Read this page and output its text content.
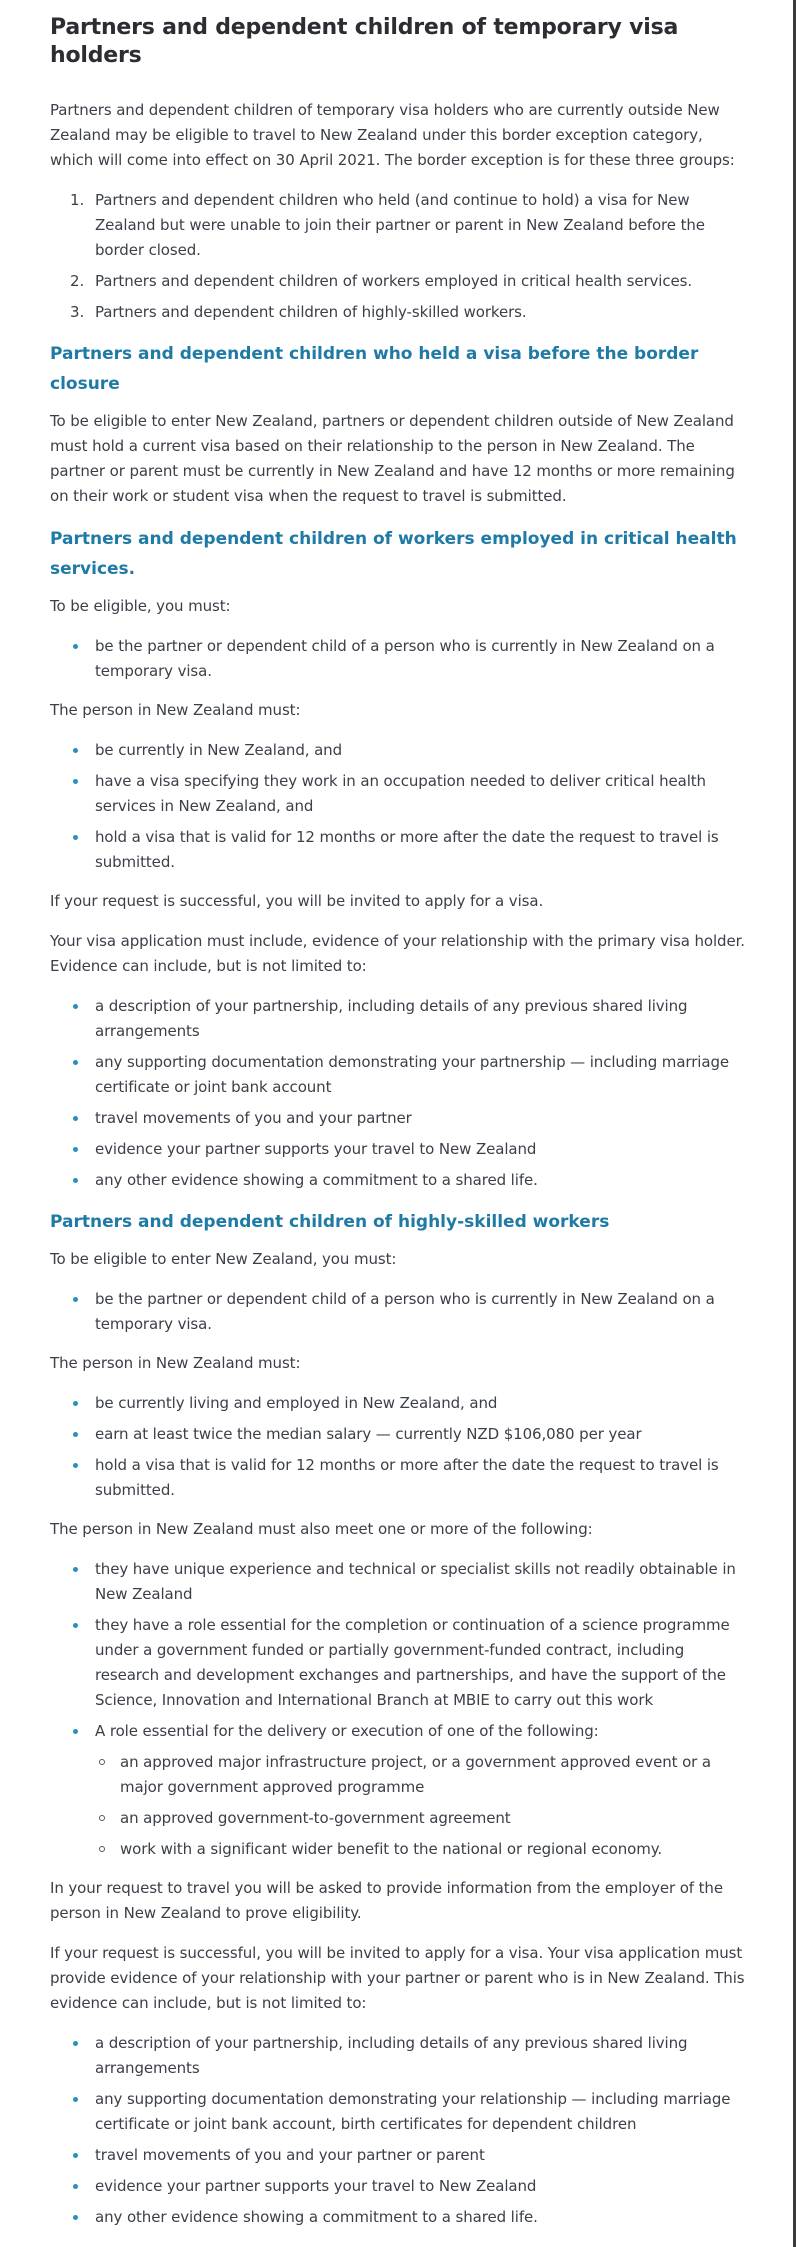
Partners and dependent children of temporary visa holders

Partners and dependent children of temporary visa holders who are currently outside New Zealand may be eligible to travel to New Zealand under this border exception category, which will come into effect on 30 April 2021. The border exception is for these three groups:

1. Partners and dependent children who held (and continue to hold) a visa for New Zealand but were unable to join their partner or parent in New Zealand before the border closed.
2. Partners and dependent children of workers employed in critical health services.
3. Partners and dependent children of highly-skilled workers.
Partners and dependent children who held a visa before the border closure

To be eligible to enter New Zealand, partners or dependent children outside of New Zealand must hold a current visa based on their relationship to the person in New Zealand. The partner or parent must be currently in New Zealand and have 12 months or more remaining on their work or student visa when the request to travel is submitted.

Partners and dependent children of workers employed in critical health services.

To be eligible, you must:

be the partner or dependent child of a person who is currently in New Zealand on a temporary visa.

The person in New Zealand must:

be currently in New Zealand, and
have a visa specifying they work in an occupation needed to deliver critical health services in New Zealand, and
hold a visa that is valid for 12 months or more after the date the request to travel is submitted.

If your request is successful, you will be invited to apply for a visa.

Your visa application must include, evidence of your relationship with the primary visa holder. Evidence can include, but is not limited to:

a description of your partnership, including details of any previous shared living arrangements
any supporting documentation demonstrating your partnership — including marriage certificate or joint bank account
travel movements of you and your partner
evidence your partner supports your travel to New Zealand
any other evidence showing a commitment to a shared life.
Partners and dependent children of highly-skilled workers

To be eligible to enter New Zealand, you must:

be the partner or dependent child of a person who is currently in New Zealand on a temporary visa.

The person in New Zealand must:

be currently living and employed in New Zealand, and
earn at least twice the median salary — currently NZD $106,080 per year
hold a visa that is valid for 12 months or more after the date the request to travel is submitted.

The person in New Zealand must also meet one or more of the following:

they have unique experience and technical or specialist skills not readily obtainable in New Zealand
they have a role essential for the completion or continuation of a science programme under a government funded or partially government-funded contract, including research and development exchanges and partnerships, and have the support of the Science, Innovation and International Branch at MBIE to carry out this work
A role essential for the delivery or execution of one of the following:
an approved major infrastructure project, or a government approved event or a major government approved programme
an approved government-to-government agreement
work with a significant wider benefit to the national or regional economy.

In your request to travel you will be asked to provide information from the employer of the person in New Zealand to prove eligibility.

If your request is successful, you will be invited to apply for a visa. Your visa application must provide evidence of your relationship with your partner or parent who is in New Zealand. This evidence can include, but is not limited to:

a description of your partnership, including details of any previous shared living arrangements
any supporting documentation demonstrating your relationship — including marriage certificate or joint bank account, birth certificates for dependent children
travel movements of you and your partner or parent
evidence your partner supports your travel to New Zealand
any other evidence showing a commitment to a shared life.
